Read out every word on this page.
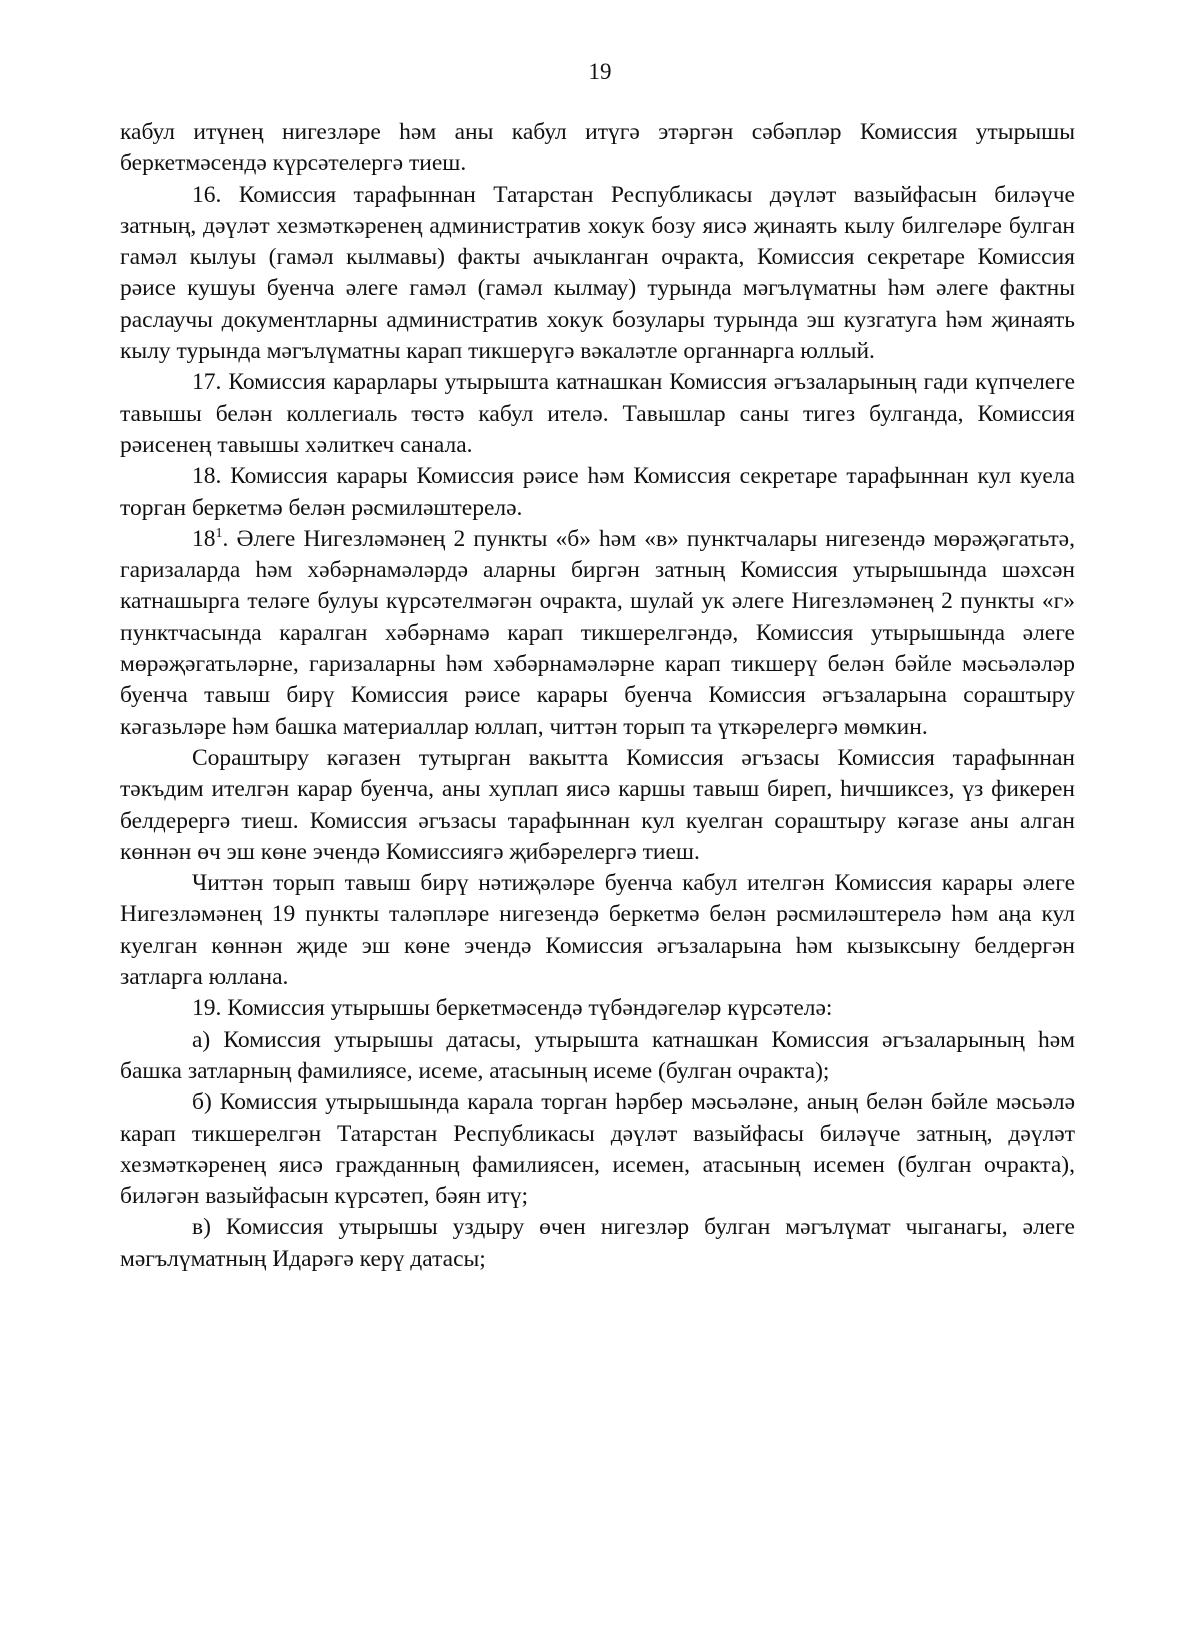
19

кабул итүнең нигезләре һәм аны кабул итүгә этәргән сәбәпләр Комиссия утырышы беркетмәсендә күрсәтелергә тиеш.

16. Комиссия тарафыннан Татарстан Республикасы дәүләт вазыйфасын биләүче затның, дәүләт хезмәткәренең административ хокук бозу яисә җинаять кылу билгеләре булган гамәл кылуы (гамәл кылмавы) факты ачыкланган очракта, Комиссия секретаре Комиссия рәисе кушуы буенча әлеге гамәл (гамәл кылмау) турында мәгълүматны һәм әлеге фактны раслаучы документларны административ хокук бозулары турында эш кузгатуга һәм җинаять кылу турында мәгълүматны карап тикшерүгә вәкаләтле органнарга юллый.

17. Комиссия карарлары утырышта катнашкан Комиссия әгъзаларының гади күпчелеге тавышы белән коллегиаль төстә кабул ителә. Тавышлар саны тигез булганда, Комиссия рәисенең тавышы хәлиткеч санала.

18. Комиссия карары Комиссия рәисе һәм Комиссия секретаре тарафыннан кул куела торган беркетмә белән рәсмиләштерелә.

$18^1$. Әлеге Нигезләмәнең 2 пункты «б» һәм «в» пунктчалары нигезендә мөрәҗәгатьтә, гаризаларда һәм хәбәрнамәләрдә аларны биргән затның Комиссия утырышында шәхсән катнашырга теләге булуы күрсәтелмәгән очракта, шулай ук әлеге Нигезләмәнең 2 пункты «г» пунктчасында каралган хәбәрнамә карап тикшерелгәндә, Комиссия утырышында әлеге мөрәҗәгатьләрне, гаризаларны һәм хәбәрнамәләрне карап тикшерү белән бәйле мәсьәләләр буенча тавыш бирү Комиссия рәисе карары буенча Комиссия әгъзаларына сораштыру кәгазьләре һәм башка материаллар юллап, читтән торып та үткәрелергә мөмкин.

Сораштыру кәгазен тутырган вакытта Комиссия әгъзасы Комиссия тарафыннан тәкъдим ителгән карар буенча, аны хуплап яисә каршы тавыш биреп, һичшиксез, үз фикерен белдерергә тиеш. Комиссия әгъзасы тарафыннан кул куелган сораштыру кәгазе аны алган көннән өч эш көне эчендә Комиссиягә җибәрелергә тиеш.

Читтән торып тавыш бирү нәтиҗәләре буенча кабул ителгән Комиссия карары әлеге Нигезләмәнең 19 пункты таләпләре нигезендә беркетмә белән рәсмиләштерелә һәм аңа кул куелган көннән җиде эш көне эчендә Комиссия әгъзаларына һәм кызыксыну белдергән затларга юллана.

19. Комиссия утырышы беркетмәсендә түбәндәгеләр күрсәтелә:

а) Комиссия утырышы датасы, утырышта катнашкан Комиссия әгъзаларының һәм башка затларның фамилиясе, исеме, атасының исеме (булган очракта);

б) Комиссия утырышында карала торган һәрбер мәсьәләне, аның белән бәйле мәсьәлә карап тикшерелгән Татарстан Республикасы дәүләт вазыйфасы биләүче затның, дәүләт хезмәткәренең яисә гражданның фамилиясен, исемен, атасының исемен (булган очракта), биләгән вазыйфасын күрсәтеп, бәян итү;

в) Комиссия утырышы уздыру өчен нигезләр булган мәгълүмат чыганагы, әлеге мәгълүматның Идарәгә керү датасы;
